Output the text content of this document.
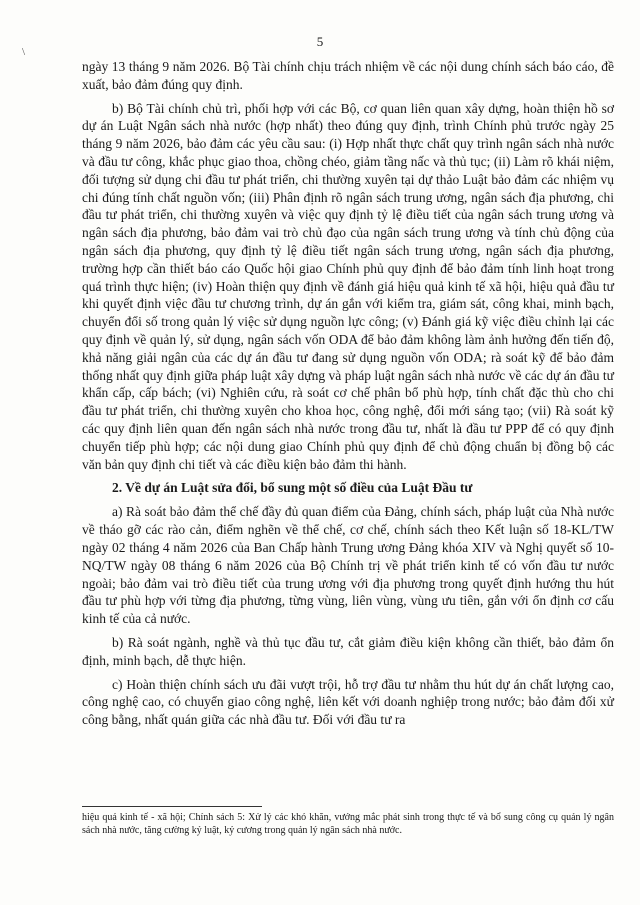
5
\

ngày 13 tháng 9 năm 2026. Bộ Tài chính chịu trách nhiệm về các nội dung chính sách báo cáo, đề xuất, bảo đảm đúng quy định.

b) Bộ Tài chính chủ trì, phối hợp với các Bộ, cơ quan liên quan xây dựng, hoàn thiện hồ sơ dự án Luật Ngân sách nhà nước (hợp nhất) theo đúng quy định, trình Chính phủ trước ngày 25 tháng 9 năm 2026, bảo đảm các yêu cầu sau: (i) Hợp nhất thực chất quy trình ngân sách nhà nước và đầu tư công, khắc phục giao thoa, chồng chéo, giảm tầng nấc và thủ tục; (ii) Làm rõ khái niệm, đối tượng sử dụng chi đầu tư phát triển, chi thường xuyên tại dự thảo Luật bảo đảm các nhiệm vụ chi đúng tính chất nguồn vốn; (iii) Phân định rõ ngân sách trung ương, ngân sách địa phương, chi đầu tư phát triển, chi thường xuyên và việc quy định tỷ lệ điều tiết của ngân sách trung ương và ngân sách địa phương, bảo đảm vai trò chủ đạo của ngân sách trung ương và tính chủ động của ngân sách địa phương, quy định tỷ lệ điều tiết ngân sách trung ương, ngân sách địa phương, trường hợp cần thiết báo cáo Quốc hội giao Chính phủ quy định để bảo đảm tính linh hoạt trong quá trình thực hiện; (iv) Hoàn thiện quy định về đánh giá hiệu quả kinh tế xã hội, hiệu quả đầu tư khi quyết định việc đầu tư chương trình, dự án gắn với kiểm tra, giám sát, công khai, minh bạch, chuyển đổi số trong quản lý việc sử dụng nguồn lực công; (v) Đánh giá kỹ việc điều chỉnh lại các quy định về quản lý, sử dụng, ngân sách vốn ODA để bảo đảm không làm ảnh hưởng đến tiến độ, khả năng giải ngân của các dự án đầu tư đang sử dụng nguồn vốn ODA; rà soát kỹ để bảo đảm thống nhất quy định giữa pháp luật xây dựng và pháp luật ngân sách nhà nước về các dự án đầu tư khẩn cấp, cấp bách; (vi) Nghiên cứu, rà soát cơ chế phân bổ phù hợp, tính chất đặc thù cho chi đầu tư phát triển, chi thường xuyên cho khoa học, công nghệ, đổi mới sáng tạo; (vii) Rà soát kỹ các quy định liên quan đến ngân sách nhà nước trong đầu tư, nhất là đầu tư PPP để có quy định chuyển tiếp phù hợp; các nội dung giao Chính phủ quy định để chủ động chuẩn bị đồng bộ các văn bản quy định chi tiết và các điều kiện bảo đảm thi hành.

2. Về dự án Luật sửa đổi, bổ sung một số điều của Luật Đầu tư

a) Rà soát bảo đảm thể chế đầy đủ quan điểm của Đảng, chính sách, pháp luật của Nhà nước về tháo gỡ các rào cản, điểm nghẽn về thể chế, cơ chế, chính sách theo Kết luận số 18-KL/TW ngày 02 tháng 4 năm 2026 của Ban Chấp hành Trung ương Đảng khóa XIV và Nghị quyết số 10-NQ/TW ngày 08 tháng 6 năm 2026 của Bộ Chính trị về phát triển kinh tế có vốn đầu tư nước ngoài; bảo đảm vai trò điều tiết của trung ương với địa phương trong quyết định hướng thu hút đầu tư phù hợp với từng địa phương, từng vùng, liên vùng, vùng ưu tiên, gắn với ổn định cơ cấu kinh tế của cả nước.

b) Rà soát ngành, nghề và thủ tục đầu tư, cắt giảm điều kiện không cần thiết, bảo đảm ổn định, minh bạch, dễ thực hiện.

c) Hoàn thiện chính sách ưu đãi vượt trội, hỗ trợ đầu tư nhằm thu hút dự án chất lượng cao, công nghệ cao, có chuyển giao công nghệ, liên kết với doanh nghiệp trong nước; bảo đảm đối xử công bằng, nhất quán giữa các nhà đầu tư. Đối với đầu tư ra

hiệu quả kinh tế - xã hội; Chính sách 5: Xử lý các khó khăn, vướng mắc phát sinh trong thực tế và bổ sung công cụ quản lý ngân sách nhà nước, tăng cường kỷ luật, kỷ cương trong quản lý ngân sách nhà nước.
